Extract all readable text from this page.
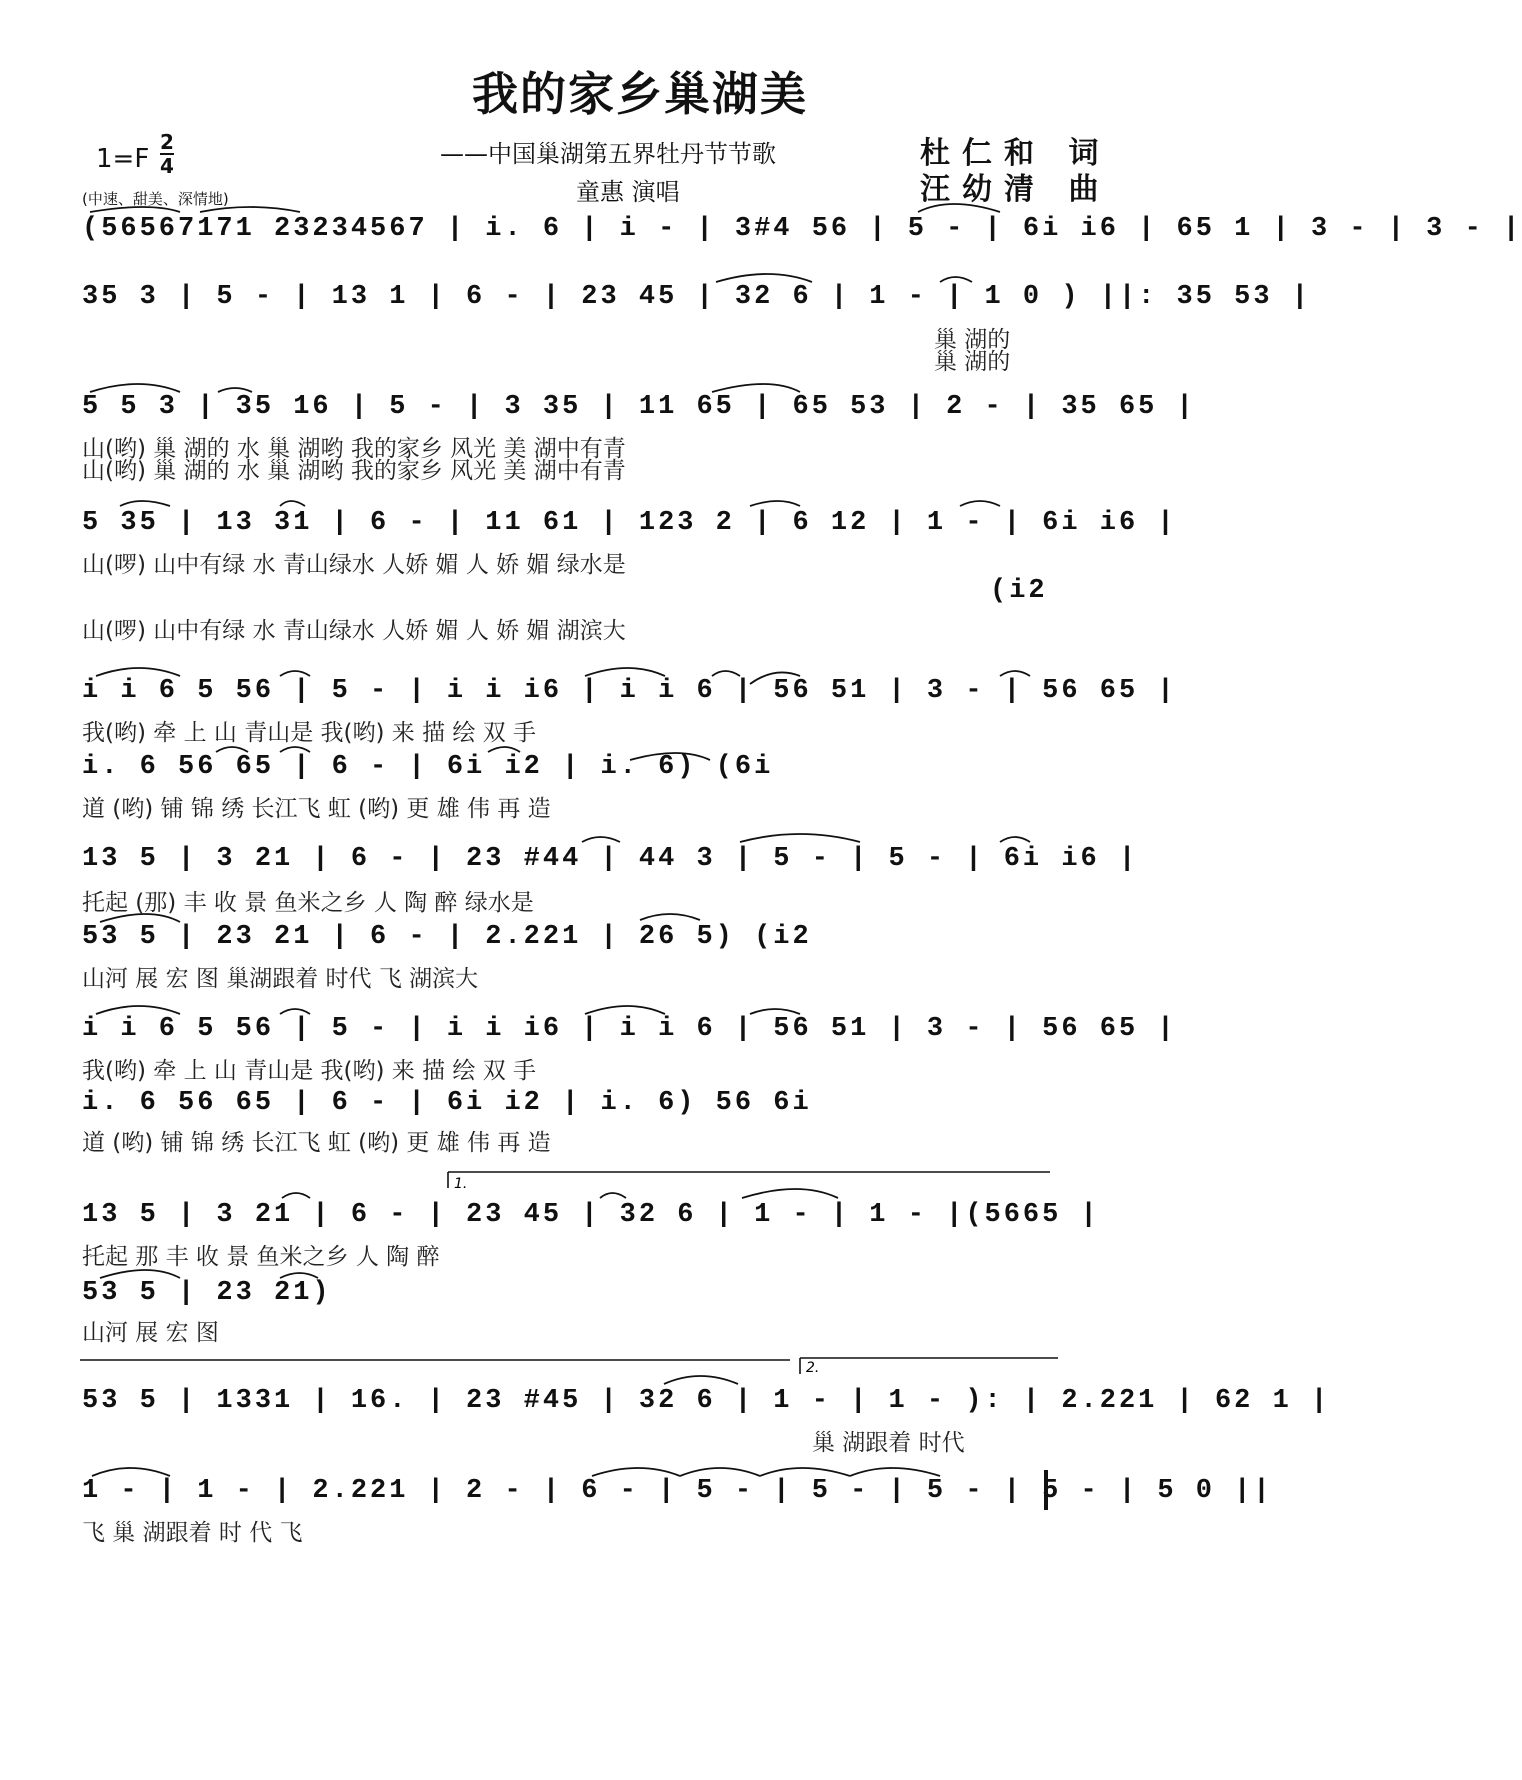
我的家乡巢湖美
——中国巢湖第五界牡丹节节歌
童惠 演唱
杜仁和 词
汪幼清 曲
1=F
2
4
(中速、甜美、深情地)
(56567171 23234567 | i. 6 | i - | 3#4 56 | 5 - | 6i i6 | 65 1 | 3 - | 3 - |
35 3 | 5 - | 13 1 | 6 - | 23 45 | 32 6 | 1 - | 1 0 ) ||: 35 53 |
巢 湖的
巢 湖的
5 5 3 | 35 16 | 5 - | 3 35 | 11 65 | 65 53 | 2 - | 35 65 |
山(哟) 巢 湖的 水 巢 湖哟 我的家乡 风光 美 湖中有青
山(哟) 巢 湖的 水 巢 湖哟 我的家乡 风光 美 湖中有青
5 35 | 13 31 | 6 - | 11 61 | 123 2 | 6 12 | 1 - | 6i i6 |
山(啰) 山中有绿 水 青山绿水 人娇 媚 人 娇 媚 绿水是
(i2
山(啰) 山中有绿 水 青山绿水 人娇 媚 人 娇 媚 湖滨大
i i 6 5 56 | 5 - | i i i6 | i i 6 | 56 51 | 3 - | 56 65 |
我(哟) 牵 上 山 青山是 我(哟) 来 描 绘 双 手
i. 6 56 65 | 6 - | 6i i2 | i. 6) (6i
道 (哟) 铺 锦 绣 长江飞 虹 (哟) 更 雄 伟 再 造
13 5 | 3 21 | 6 - | 23 #44 | 44 3 | 5 - | 5 - | 6i i6 |
托起 (那) 丰 收 景 鱼米之乡 人 陶 醉 绿水是
53 5 | 23 21 | 6 - | 2.221 | 26 5) (i2
山河 展 宏 图 巢湖跟着 时代 飞 湖滨大
i i 6 5 56 | 5 - | i i i6 | i i 6 | 56 51 | 3 - | 56 65 |
我(哟) 牵 上 山 青山是 我(哟) 来 描 绘 双 手
i. 6 56 65 | 6 - | 6i i2 | i. 6) 56 6i
道 (哟) 铺 锦 绣 长江飞 虹 (哟) 更 雄 伟 再 造
13 5 | 3 21 | 6 - | 23 45 | 32 6 | 1 - | 1 - |(5665 |
托起 那 丰 收 景 鱼米之乡 人 陶 醉
53 5 | 23 21)
山河 展 宏 图
53 5 | 1331 | 16. | 23 #45 | 32 6 | 1 - | 1 - ): | 2.221 | 62 1 |
巢 湖跟着 时代
1 - | 1 - | 2.221 | 2 - | 6 - | 5 - | 5 - | 5 - | 5 - | 5 0 ||
飞 巢 湖跟着 时 代 飞
1.
2.
